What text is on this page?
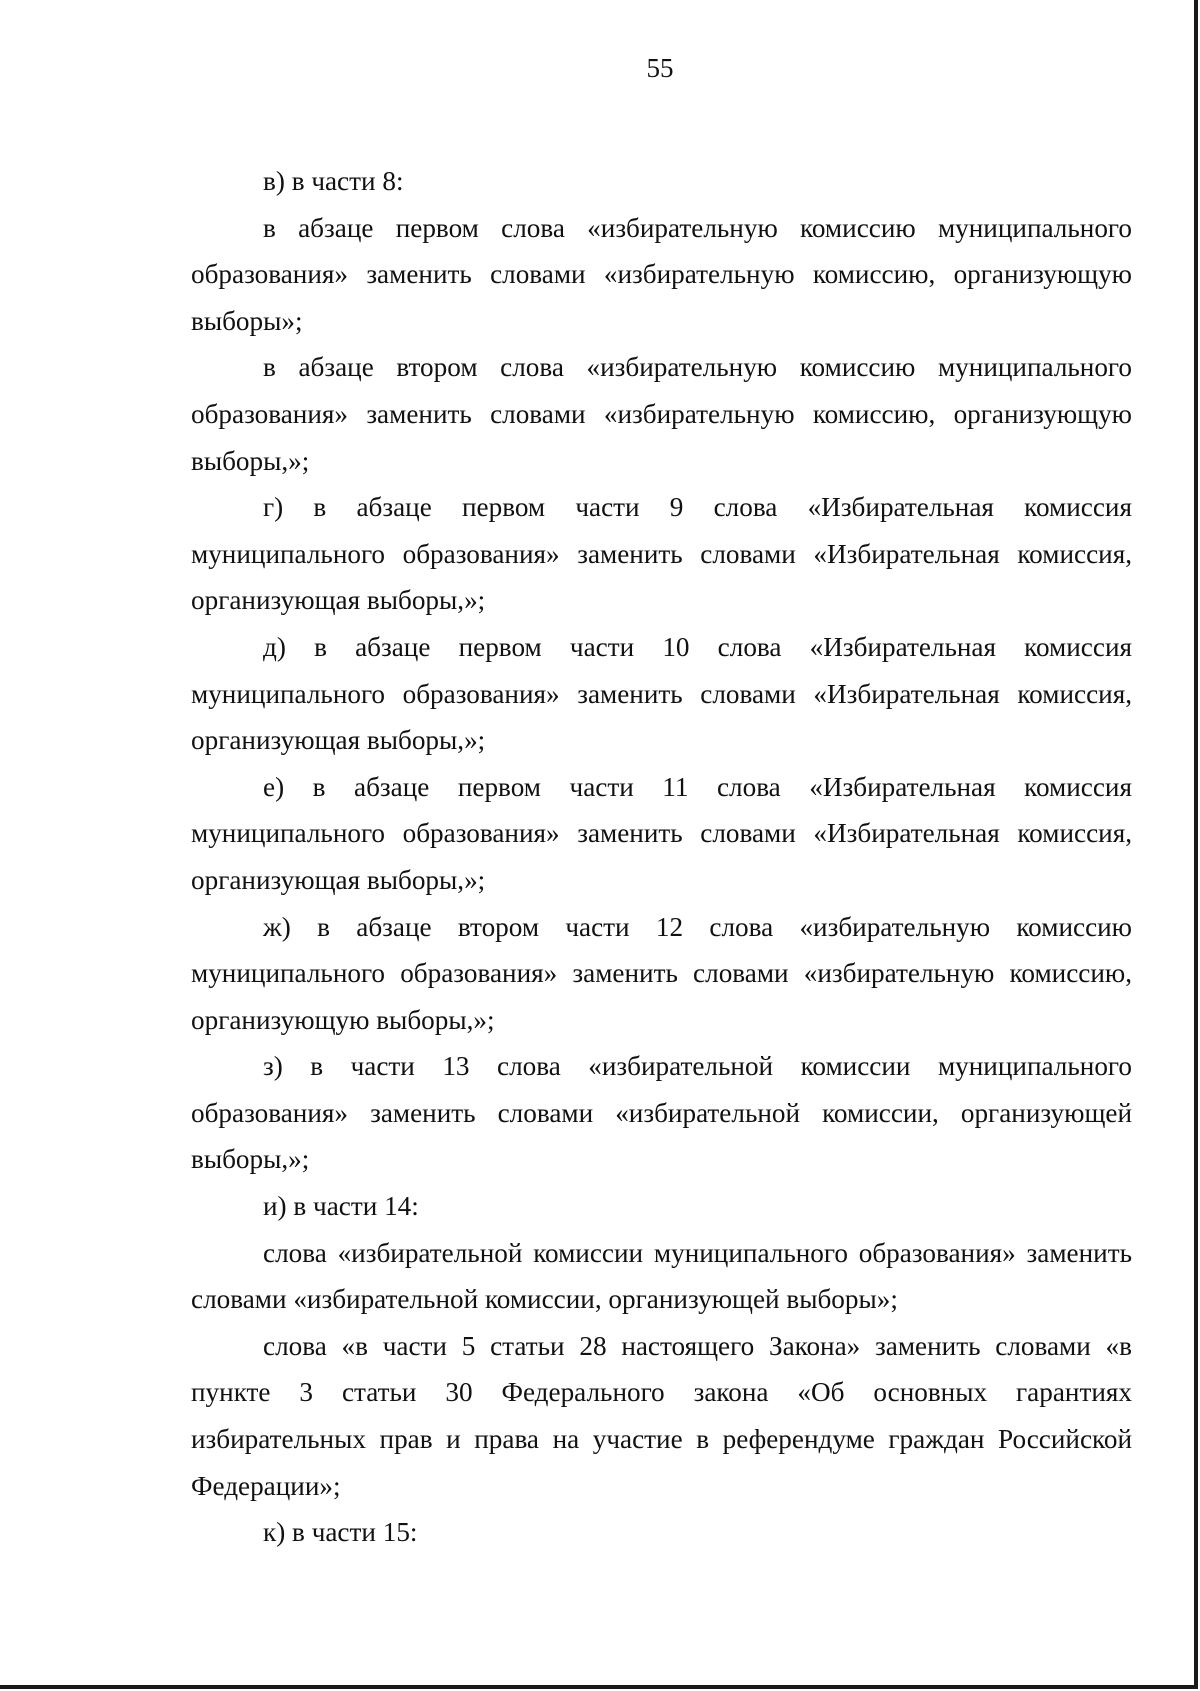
55

в) в части 8:

в абзаце первом слова «избирательную комиссию муниципального образования» заменить словами «избирательную комиссию, организующую выборы»;

в абзаце втором слова «избирательную комиссию муниципального образования» заменить словами «избирательную комиссию, организующую выборы,»;

г) в абзаце первом части 9 слова «Избирательная комиссия муниципального образования» заменить словами «Избирательная комиссия, организующая выборы,»;

д) в абзаце первом части 10 слова «Избирательная комиссия муниципального образования» заменить словами «Избирательная комиссия, организующая выборы,»;

е) в абзаце первом части 11 слова «Избирательная комиссия муниципального образования» заменить словами «Избирательная комиссия, организующая выборы,»;

ж) в абзаце втором части 12 слова «избирательную комиссию муниципального образования» заменить словами «избирательную комиссию, организующую выборы,»;

з) в части 13 слова «избирательной комиссии муниципального образования» заменить словами «избирательной комиссии, организующей выборы,»;

и) в части 14:

слова «избирательной комиссии муниципального образования» заменить словами «избирательной комиссии, организующей выборы»;

слова «в части 5 статьи 28 настоящего Закона» заменить словами «в пункте 3 статьи 30 Федерального закона «Об основных гарантиях избирательных прав и права на участие в референдуме граждан Российской Федерации»;

к) в части 15:
